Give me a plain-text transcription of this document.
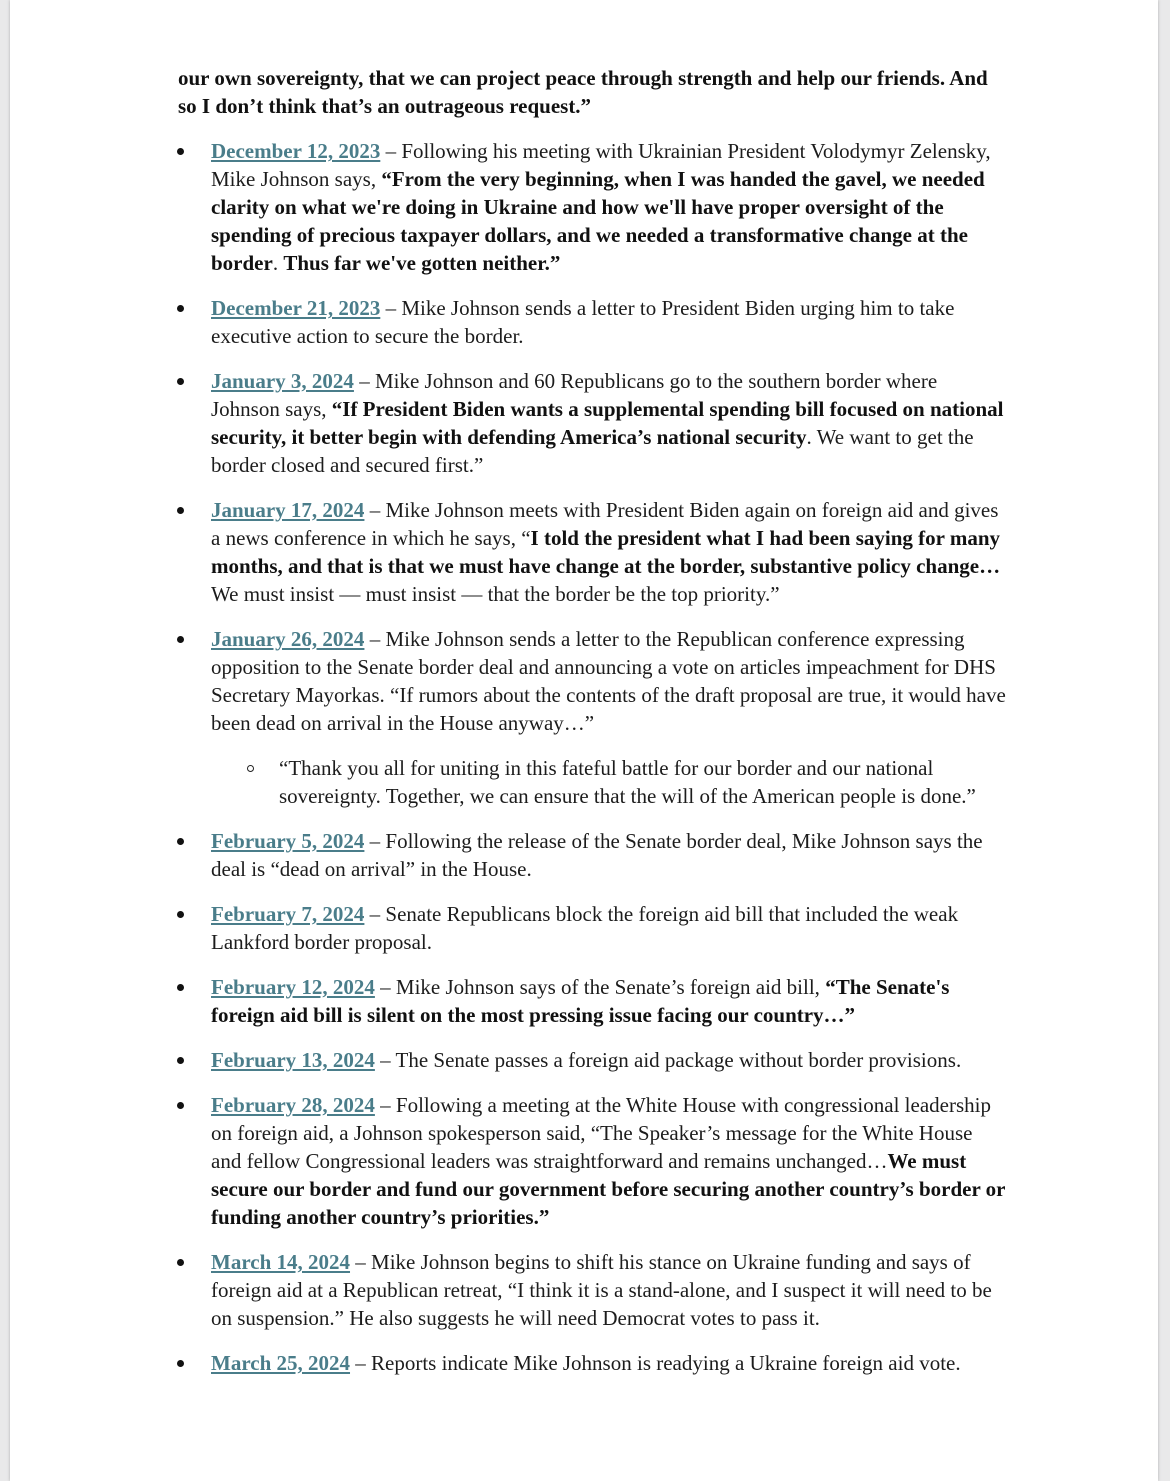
our own sovereignty, that we can project peace through strength and help our friends. And so I don’t think that’s an outrageous request.”

December 12, 2023 – Following his meeting with Ukrainian President Volodymyr Zelensky, Mike Johnson says, “From the very beginning, when I was handed the gavel, we needed clarity on what we're doing in Ukraine and how we'll have proper oversight of the spending of precious taxpayer dollars, and we needed a transformative change at the border. Thus far we've gotten neither.”
December 21, 2023 – Mike Johnson sends a letter to President Biden urging him to take executive action to secure the border.
January 3, 2024 – Mike Johnson and 60 Republicans go to the southern border where Johnson says, “If President Biden wants a supplemental spending bill focused on national security, it better begin with defending America’s national security. We want to get the border closed and secured first.”
January 17, 2024 – Mike Johnson meets with President Biden again on foreign aid and gives a news conference in which he says, “I told the president what I had been saying for many months, and that is that we must have change at the border, substantive policy change…We must insist — must insist — that the border be the top priority.”
January 26, 2024 – Mike Johnson sends a letter to the Republican conference expressing opposition to the Senate border deal and announcing a vote on articles impeachment for DHS Secretary Mayorkas. “If rumors about the contents of the draft proposal are true, it would have been dead on arrival in the House anyway…”
“Thank you all for uniting in this fateful battle for our border and our national sovereignty. Together, we can ensure that the will of the American people is done.”
February 5, 2024 – Following the release of the Senate border deal, Mike Johnson says the deal is “dead on arrival” in the House.
February 7, 2024 – Senate Republicans block the foreign aid bill that included the weak Lankford border proposal.
February 12, 2024 – Mike Johnson says of the Senate’s foreign aid bill, “The Senate's foreign aid bill is silent on the most pressing issue facing our country…”
February 13, 2024 – The Senate passes a foreign aid package without border provisions.
February 28, 2024 – Following a meeting at the White House with congressional leadership on foreign aid, a Johnson spokesperson said, “The Speaker’s message for the White House and fellow Congressional leaders was straightforward and remains unchanged…We must secure our border and fund our government before securing another country’s border or funding another country’s priorities.”
March 14, 2024 – Mike Johnson begins to shift his stance on Ukraine funding and says of foreign aid at a Republican retreat, “I think it is a stand-alone, and I suspect it will need to be on suspension.” He also suggests he will need Democrat votes to pass it.
March 25, 2024 – Reports indicate Mike Johnson is readying a Ukraine foreign aid vote.
